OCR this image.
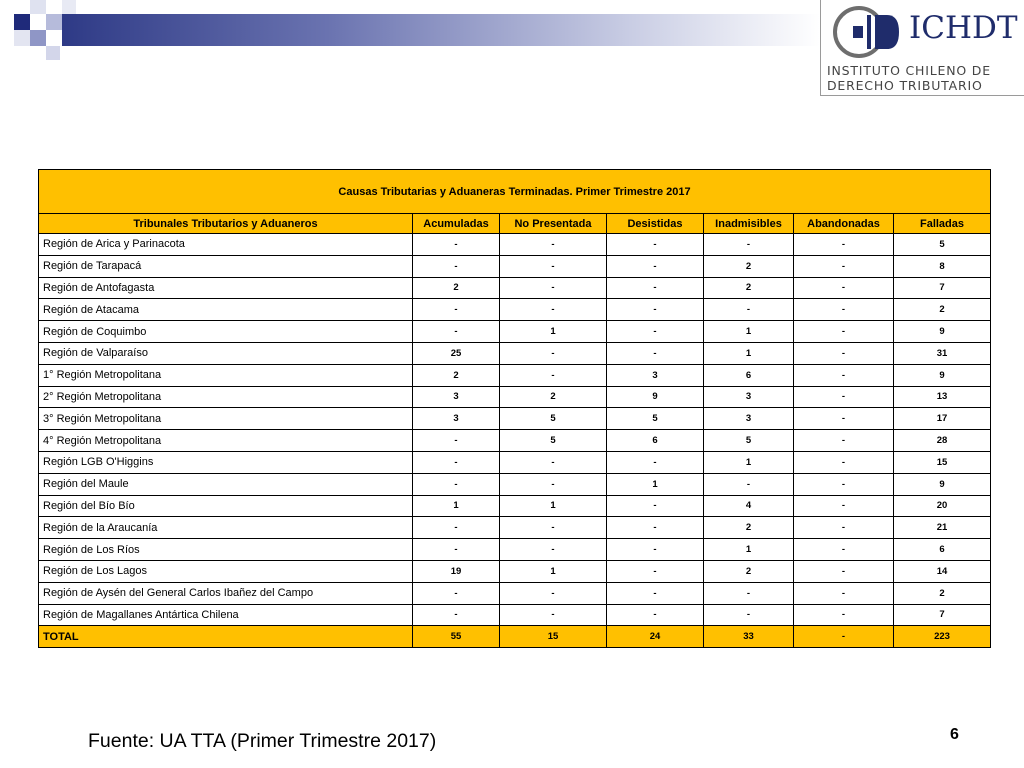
ICHDT
INSTITUTO CHILENO DE
DERECHO TRIBUTARIO
Causas Tributarias y Aduaneras Terminadas. Primer Trimestre 2017						
Tribunales Tributarios y Aduaneros	Acumuladas	No Presentada	Desistidas	Inadmisibles	Abandonadas	Falladas
Región de Arica y Parinacota	-	-	-	-	-	5
Región de Tarapacá	-	-	-	2	-	8
Región de Antofagasta	2	-	-	2	-	7
Región de Atacama	-	-	-	-	-	2
Región de Coquimbo	-	1	-	1	-	9
Región de Valparaíso	25	-	-	1	-	31
1° Región Metropolitana	2	-	3	6	-	9
2° Región Metropolitana	3	2	9	3	-	13
3° Región Metropolitana	3	5	5	3	-	17
4° Región Metropolitana	-	5	6	5	-	28
Región LGB O'Higgins	-	-	-	1	-	15
Región del Maule	-	-	1	-	-	9
Región del Bío Bío	1	1	-	4	-	20
Región de la Araucanía	-	-	-	2	-	21
Región de Los Ríos	-	-	-	1	-	6
Región de Los Lagos	19	1	-	2	-	14
Región de Aysén del General Carlos Ibañez del Campo	-	-	-	-	-	2
Región de Magallanes Antártica Chilena	-	-	-	-	-	7
TOTAL	55	15	24	33	-	223
Fuente: UA TTA (Primer Trimestre 2017)	6
